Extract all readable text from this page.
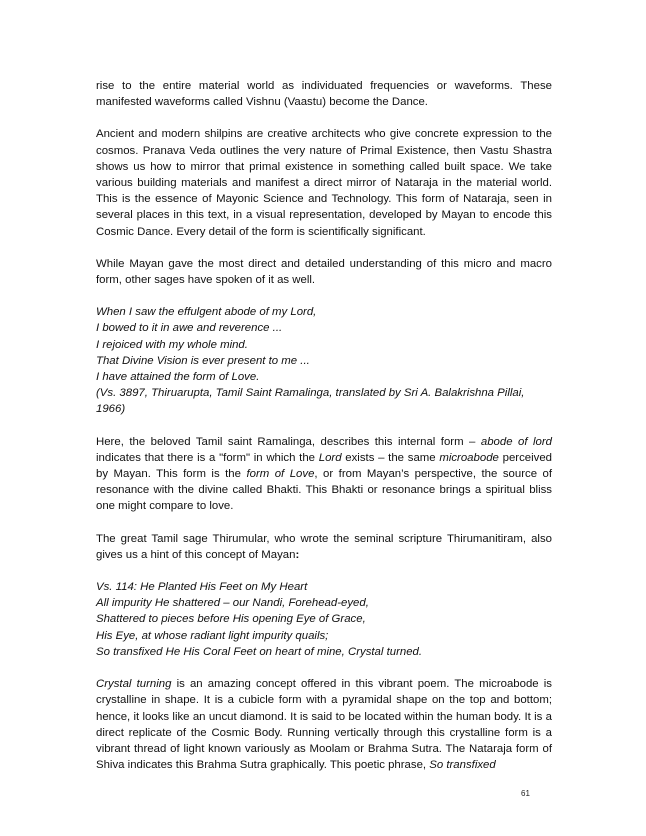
rise to the entire material world as individuated frequencies or waveforms. These manifested waveforms called Vishnu (Vaastu) become the Dance.

Ancient and modern shilpins are creative architects who give concrete expression to the cosmos. Pranava Veda outlines the very nature of Primal Existence, then Vastu Shastra shows us how to mirror that primal existence in something called built space. We take various building materials and manifest a direct mirror of Nataraja in the material world. This is the essence of Mayonic Science and Technology. This form of Nataraja, seen in several places in this text, in a visual representation, developed by Mayan to encode this Cosmic Dance. Every detail of the form is scientifically significant.

While Mayan gave the most direct and detailed understanding of this micro and macro form, other sages have spoken of it as well.

When I saw the effulgent abode of my Lord,
I bowed to it in awe and reverence ...
I rejoiced with my whole mind.
That Divine Vision is ever present to me ...
I have attained the form of Love.
(Vs. 3897, Thiruarupta, Tamil Saint Ramalinga, translated by Sri A. Balakrishna Pillai, 1966)

Here, the beloved Tamil saint Ramalinga, describes this internal form – abode of lord indicates that there is a "form" in which the Lord exists – the same microabode perceived by Mayan. This form is the form of Love, or from Mayan’s perspective, the source of resonance with the divine called Bhakti. This Bhakti or resonance brings a spiritual bliss one might compare to love.

The great Tamil sage Thirumular, who wrote the seminal scripture Thirumanitiram, also gives us a hint of this concept of Mayan:

Vs. 114: He Planted His Feet on My Heart
All impurity He shattered – our Nandi, Forehead-eyed,
Shattered to pieces before His opening Eye of Grace,
His Eye, at whose radiant light impurity quails;
So transfixed He His Coral Feet on heart of mine, Crystal turned.

Crystal turning is an amazing concept offered in this vibrant poem. The microabode is crystalline in shape. It is a cubicle form with a pyramidal shape on the top and bottom; hence, it looks like an uncut diamond. It is said to be located within the human body. It is a direct replicate of the Cosmic Body. Running vertically through this crystalline form is a vibrant thread of light known variously as Moolam or Brahma Sutra. The Nataraja form of Shiva indicates this Brahma Sutra graphically. This poetic phrase, So transfixed

61
